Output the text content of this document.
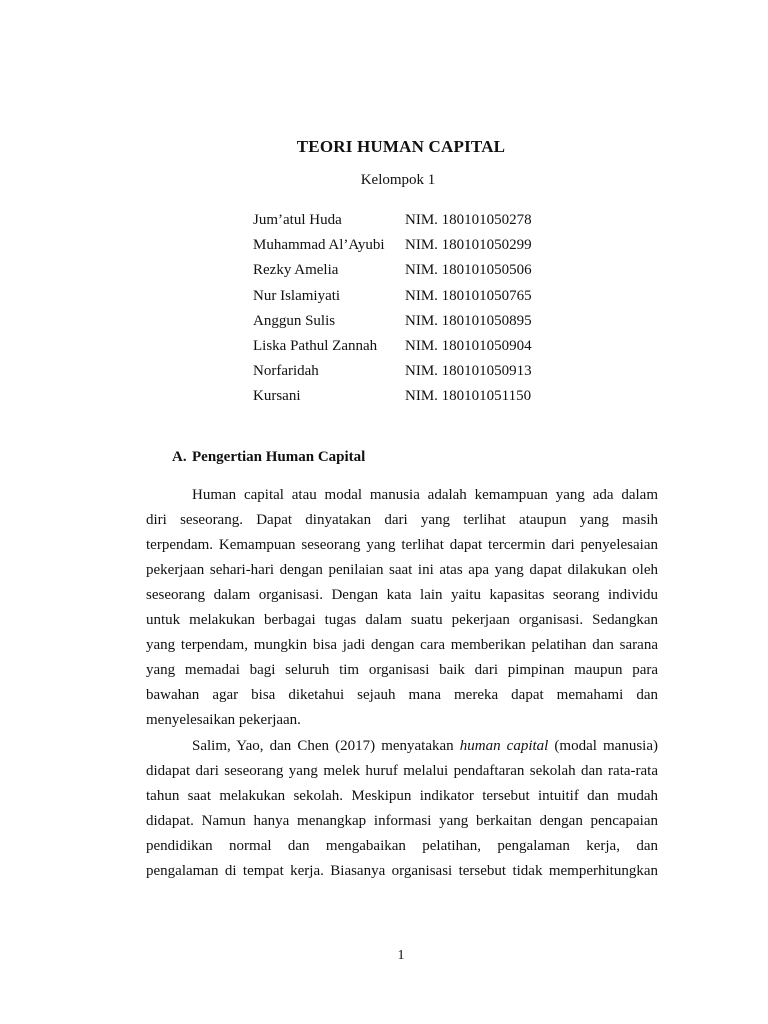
TEORI HUMAN CAPITAL
Kelompok 1
Jum’atul Huda	NIM. 180101050278
Muhammad Al’Ayubi	NIM. 180101050299
Rezky Amelia	NIM. 180101050506
Nur Islamiyati	NIM. 180101050765
Anggun Sulis	NIM. 180101050895
Liska Pathul Zannah	NIM. 180101050904
Norfaridah	NIM. 180101050913
Kursani	NIM. 180101051150
A. Pengertian Human Capital
Human capital atau modal manusia adalah kemampuan yang ada dalam
diri seseorang. Dapat dinyatakan dari yang terlihat ataupun yang masih
terpendam. Kemampuan seseorang yang terlihat dapat tercermin dari penyelesaian
pekerjaan sehari-hari dengan penilaian saat ini atas apa yang dapat dilakukan oleh
seseorang dalam organisasi. Dengan kata lain yaitu kapasitas seorang individu
untuk melakukan berbagai tugas dalam suatu pekerjaan organisasi. Sedangkan
yang terpendam, mungkin bisa jadi dengan cara memberikan pelatihan dan sarana
yang memadai bagi seluruh tim organisasi baik dari pimpinan maupun para
bawahan agar bisa diketahui sejauh mana mereka dapat memahami dan
menyelesaikan pekerjaan.
Salim, Yao, dan Chen (2017) menyatakan human capital (modal manusia)
didapat dari seseorang yang melek huruf melalui pendaftaran sekolah dan rata-rata
tahun saat melakukan sekolah. Meskipun indikator tersebut intuitif dan mudah
didapat. Namun hanya menangkap informasi yang berkaitan dengan pencapaian
pendidikan normal dan mengabaikan pelatihan, pengalaman kerja, dan
pengalaman di tempat kerja. Biasanya organisasi tersebut tidak memperhitungkan
1
